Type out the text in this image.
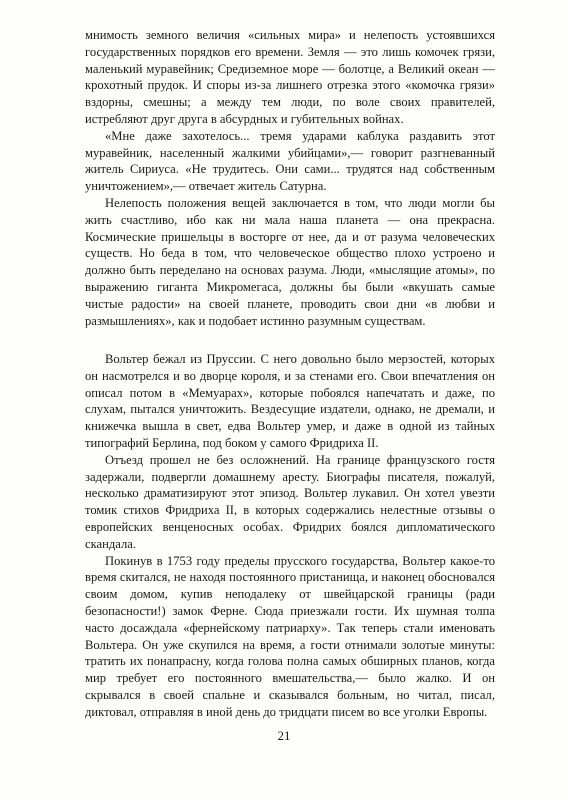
мнимость земного величия «сильных мира» и нелепость устоявшихся государственных порядков его времени. Земля — это лишь комочек грязи, маленький муравейник; Средиземное море — болотце, а Великий океан — крохотный прудок. И споры из-за лишнего отрезка этого «комочка грязи» вздорны, смешны; а между тем люди, по воле своих правителей, истребляют друг друга в абсурдных и губительных войнах.

«Мне даже захотелось... тремя ударами каблука раздавить этот муравейник, населенный жалкими убийцами»,— говорит разгневанный житель Сириуса. «Не трудитесь. Они сами... трудятся над собственным уничтожением»,— отвечает житель Сатурна.

Нелепость положения вещей заключается в том, что люди могли бы жить счастливо, ибо как ни мала наша планета — она прекрасна. Космические пришельцы в восторге от нее, да и от разума человеческих существ. Но беда в том, что человеческое общество плохо устроено и должно быть переделано на основах разума. Люди, «мыслящие атомы», по выражению гиганта Микромегаса, должны бы были «вкушать самые чистые радости» на своей планете, проводить свои дни «в любви и размышлениях», как и подобает истинно разумным существам.

Вольтер бежал из Пруссии. С него довольно было мерзостей, которых он насмотрелся и во дворце короля, и за стенами его. Свои впечатления он описал потом в «Мемуарах», которые побоялся напечатать и даже, по слухам, пытался уничтожить. Вездесущие издатели, однако, не дремали, и книжечка вышла в свет, едва Вольтер умер, и даже в одной из тайных типографий Берлина, под боком у самого Фридриха II.

Отъезд прошел не без осложнений. На границе французского гостя задержали, подвергли домашнему аресту. Биографы писателя, пожалуй, несколько драматизируют этот эпизод. Вольтер лукавил. Он хотел увезти томик стихов Фридриха II, в которых содержались нелестные отзывы о европейских венценосных особах. Фридрих боялся дипломатического скандала.

Покинув в 1753 году пределы прусского государства, Вольтер какое-то время скитался, не находя постоянного пристанища, и наконец обосновался своим домом, купив неподалеку от швейцарской границы (ради безопасности!) замок Ферне. Сюда приезжали гости. Их шумная толпа часто досаждала «фернейскому патриарху». Так теперь стали именовать Вольтера. Он уже скупился на время, а гости отнимали золотые минуты: тратить их понапрасну, когда голова полна самых обширных планов, когда мир требует его постоянного вмешательства,— было жалко. И он скрывался в своей спальне и сказывался больным, но читал, писал, диктовал, отправляя в иной день до тридцати писем во все уголки Европы.

21
